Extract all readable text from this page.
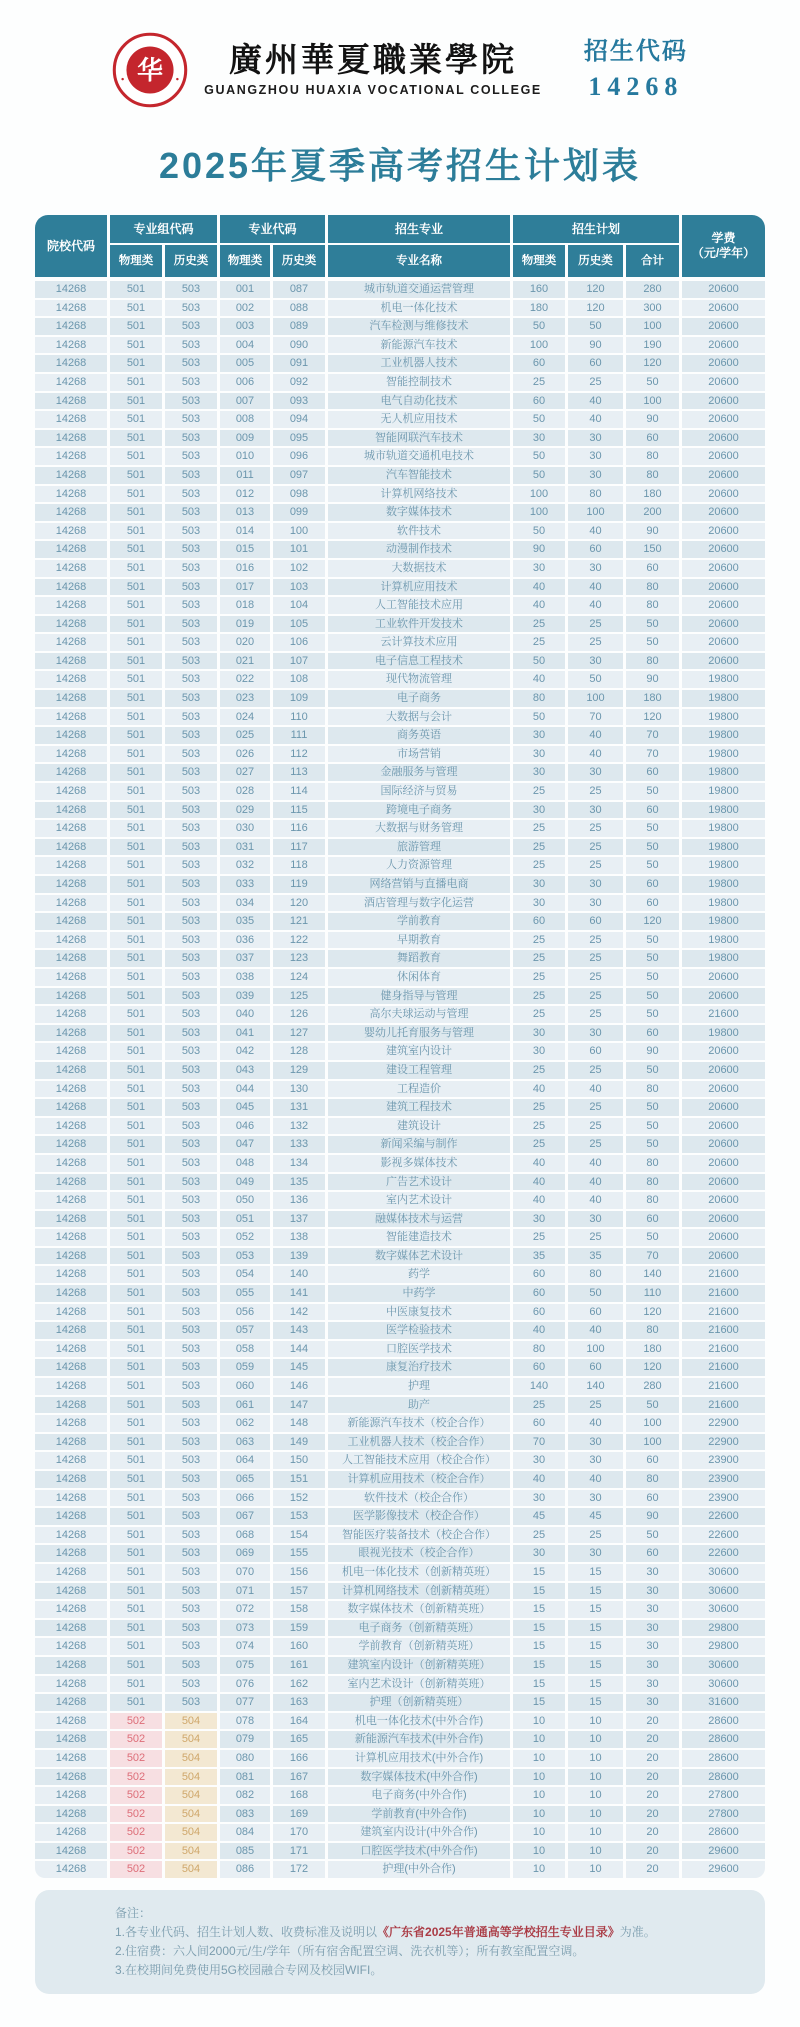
华 廣州華夏職業學院
GUANGZHOU HUAXIA VOCATIONAL COLLEGE
招生代码
14268
2025年夏季高考招生计划表
院校代码
专业组代码	专业代码	招生专业	招生计划
学费
（元/学年）
物理类	历史类	物理类	历史类	专业名称	物理类	历史类	合计
14268	501	503	001	087	城市轨道交通运营管理	160	120	280	20600
14268	501	503	002	088	机电一体化技术	180	120	300	20600
14268	501	503	003	089	汽车检测与维修技术	50	50	100	20600
14268	501	503	004	090	新能源汽车技术	100	90	190	20600
14268	501	503	005	091	工业机器人技术	60	60	120	20600
14268	501	503	006	092	智能控制技术	25	25	50	20600
14268	501	503	007	093	电气自动化技术	60	40	100	20600
14268	501	503	008	094	无人机应用技术	50	40	90	20600
14268	501	503	009	095	智能网联汽车技术	30	30	60	20600
14268	501	503	010	096	城市轨道交通机电技术	50	30	80	20600
14268	501	503	011	097	汽车智能技术	50	30	80	20600
14268	501	503	012	098	计算机网络技术	100	80	180	20600
14268	501	503	013	099	数字媒体技术	100	100	200	20600
14268	501	503	014	100	软件技术	50	40	90	20600
14268	501	503	015	101	动漫制作技术	90	60	150	20600
14268	501	503	016	102	大数据技术	30	30	60	20600
14268	501	503	017	103	计算机应用技术	40	40	80	20600
14268	501	503	018	104	人工智能技术应用	40	40	80	20600
14268	501	503	019	105	工业软件开发技术	25	25	50	20600
14268	501	503	020	106	云计算技术应用	25	25	50	20600
14268	501	503	021	107	电子信息工程技术	50	30	80	20600
14268	501	503	022	108	现代物流管理	40	50	90	19800
14268	501	503	023	109	电子商务	80	100	180	19800
14268	501	503	024	110	大数据与会计	50	70	120	19800
14268	501	503	025	111	商务英语	30	40	70	19800
14268	501	503	026	112	市场营销	30	40	70	19800
14268	501	503	027	113	金融服务与管理	30	30	60	19800
14268	501	503	028	114	国际经济与贸易	25	25	50	19800
14268	501	503	029	115	跨境电子商务	30	30	60	19800
14268	501	503	030	116	大数据与财务管理	25	25	50	19800
14268	501	503	031	117	旅游管理	25	25	50	19800
14268	501	503	032	118	人力资源管理	25	25	50	19800
14268	501	503	033	119	网络营销与直播电商	30	30	60	19800
14268	501	503	034	120	酒店管理与数字化运营	30	30	60	19800
14268	501	503	035	121	学前教育	60	60	120	19800
14268	501	503	036	122	早期教育	25	25	50	19800
14268	501	503	037	123	舞蹈教育	25	25	50	19800
14268	501	503	038	124	休闲体育	25	25	50	20600
14268	501	503	039	125	健身指导与管理	25	25	50	20600
14268	501	503	040	126	高尔夫球运动与管理	25	25	50	21600
14268	501	503	041	127	婴幼儿托育服务与管理	30	30	60	19800
14268	501	503	042	128	建筑室内设计	30	60	90	20600
14268	501	503	043	129	建设工程管理	25	25	50	20600
14268	501	503	044	130	工程造价	40	40	80	20600
14268	501	503	045	131	建筑工程技术	25	25	50	20600
14268	501	503	046	132	建筑设计	25	25	50	20600
14268	501	503	047	133	新闻采编与制作	25	25	50	20600
14268	501	503	048	134	影视多媒体技术	40	40	80	20600
14268	501	503	049	135	广告艺术设计	40	40	80	20600
14268	501	503	050	136	室内艺术设计	40	40	80	20600
14268	501	503	051	137	融媒体技术与运营	30	30	60	20600
14268	501	503	052	138	智能建造技术	25	25	50	20600
14268	501	503	053	139	数字媒体艺术设计	35	35	70	20600
14268	501	503	054	140	药学	60	80	140	21600
14268	501	503	055	141	中药学	60	50	110	21600
14268	501	503	056	142	中医康复技术	60	60	120	21600
14268	501	503	057	143	医学检验技术	40	40	80	21600
14268	501	503	058	144	口腔医学技术	80	100	180	21600
14268	501	503	059	145	康复治疗技术	60	60	120	21600
14268	501	503	060	146	护理	140	140	280	21600
14268	501	503	061	147	助产	25	25	50	21600
14268	501	503	062	148	新能源汽车技术（校企合作）	60	40	100	22900
14268	501	503	063	149	工业机器人技术（校企合作）	70	30	100	22900
14268	501	503	064	150	人工智能技术应用（校企合作）	30	30	60	23900
14268	501	503	065	151	计算机应用技术（校企合作）	40	40	80	23900
14268	501	503	066	152	软件技术（校企合作）	30	30	60	23900
14268	501	503	067	153	医学影像技术（校企合作）	45	45	90	22600
14268	501	503	068	154	智能医疗装备技术（校企合作）	25	25	50	22600
14268	501	503	069	155	眼视光技术（校企合作）	30	30	60	22600
14268	501	503	070	156	机电一体化技术（创新精英班）	15	15	30	30600
14268	501	503	071	157	计算机网络技术（创新精英班）	15	15	30	30600
14268	501	503	072	158	数字媒体技术（创新精英班）	15	15	30	30600
14268	501	503	073	159	电子商务（创新精英班）	15	15	30	29800
14268	501	503	074	160	学前教育（创新精英班）	15	15	30	29800
14268	501	503	075	161	建筑室内设计（创新精英班）	15	15	30	30600
14268	501	503	076	162	室内艺术设计（创新精英班）	15	15	30	30600
14268	501	503	077	163	护理（创新精英班）	15	15	30	31600
14268	502	504	078	164	机电一体化技术(中外合作)	10	10	20	28600
14268	502	504	079	165	新能源汽车技术(中外合作)	10	10	20	28600
14268	502	504	080	166	计算机应用技术(中外合作)	10	10	20	28600
14268	502	504	081	167	数字媒体技术(中外合作)	10	10	20	28600
14268	502	504	082	168	电子商务(中外合作)	10	10	20	27800
14268	502	504	083	169	学前教育(中外合作)	10	10	20	27800
14268	502	504	084	170	建筑室内设计(中外合作)	10	10	20	28600
14268	502	504	085	171	口腔医学技术(中外合作)	10	10	20	29600
14268	502	504	086	172	护理(中外合作)	10	10	20	29600
备注：
1.各专业代码、招生计划人数、收费标准及说明以《广东省2025年普通高等学校招生专业目录》为准。
2.住宿费：六人间2000元/生/学年（所有宿舍配置空调、洗衣机等）；所有教室配置空调。
3.在校期间免费使用5G校园融合专网及校园WIFI。
